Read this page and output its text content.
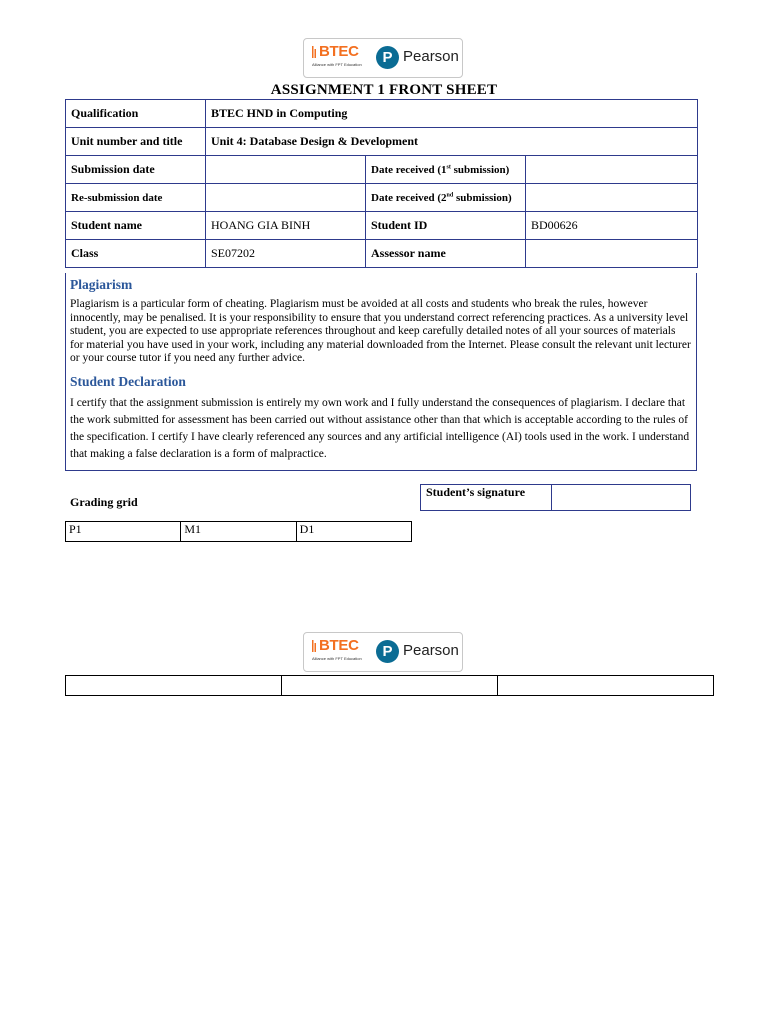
BTEC
Alliance with FPT Education	P Pearson
ASSIGNMENT 1 FRONT SHEET
Qualification	BTEC HND in Computing		
Unit number and title	Unit 4: Database Design & Development		
Submission date		Date received (1st submission)	
Re-submission date		Date received (2nd submission)	
Student name	HOANG GIA BINH	Student ID	BD00626
Class	SE07202	Assessor name	
Plagiarism

Plagiarism is a particular form of cheating. Plagiarism must be avoided at all costs and students who break the rules, however innocently, may be penalised. It is your responsibility to ensure that you understand correct referencing practices. As a university level student, you are expected to use appropriate references throughout and keep carefully detailed notes of all your sources of materials for material you have used in your work, including any material downloaded from the Internet. Please consult the relevant unit lecturer or your course tutor if you need any further advice.

Student Declaration

I certify that the assignment submission is entirely my own work and I fully understand the consequences of plagiarism. I declare that the work submitted for assessment has been carried out without assistance other than that which is acceptable according to the rules of the specification. I certify I have clearly referenced any sources and any artificial intelligence (AI) tools used in the work. I understand that making a false declaration is a form of malpractice.

Grading grid
Student’s signature	
P1	M1	D1
BTEC
Alliance with FPT Education	P Pearson
